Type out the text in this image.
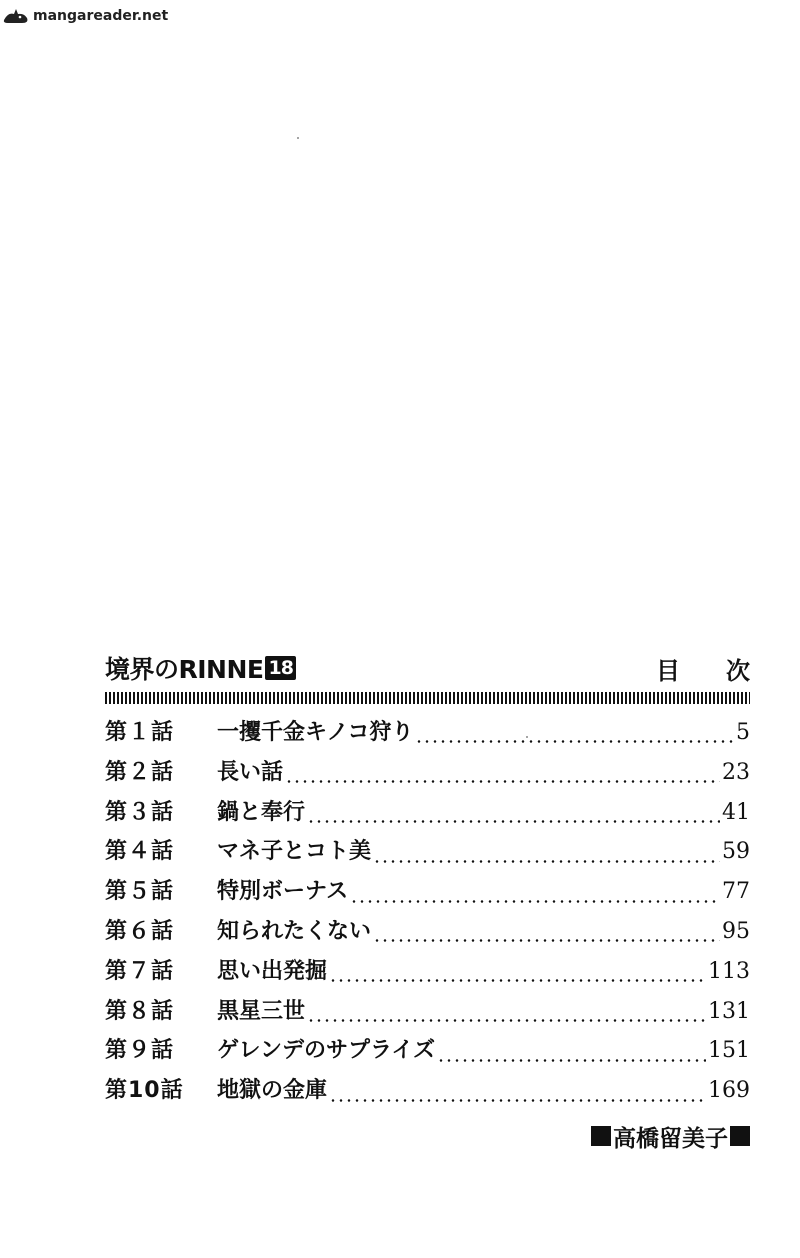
mangareader.net
境界のRINNE 18	目次
第１話	一攫千金キノコ狩り	5
第２話	長い話	23
第３話	鍋と奉行	41
第４話	マネ子とコト美	59
第５話	特別ボーナス	77
第６話	知られたくない	95
第７話	思い出発掘	113
第８話	黒星三世	131
第９話	ゲレンデのサプライズ	151
第10話	地獄の金庫	169
高橋留美子
